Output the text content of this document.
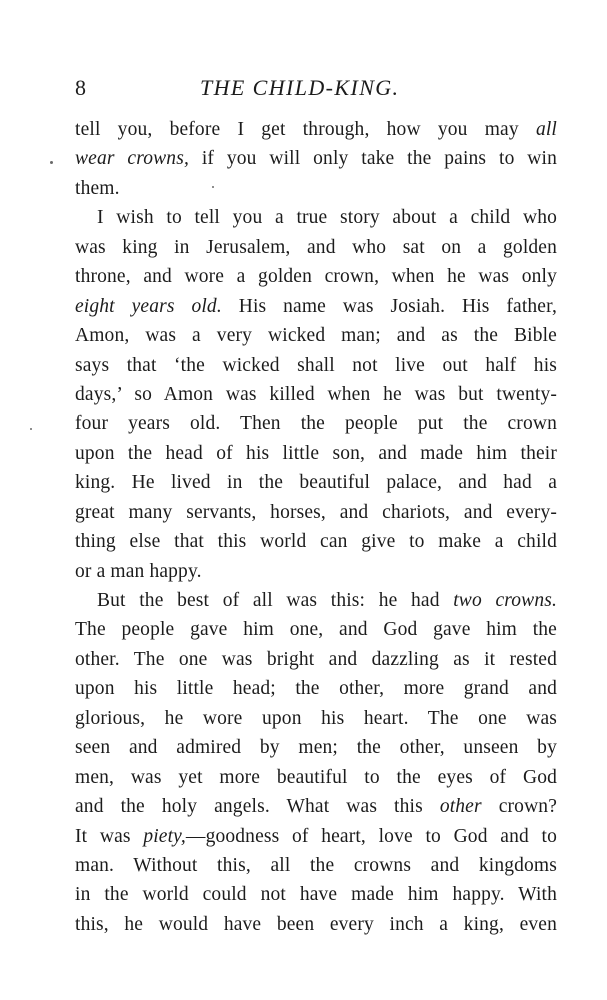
8	THE CHILD-KING.
tell you, before I get through, how you may all
wear crowns, if you will only take the pains to win
them.
I wish to tell you a true story about a child who
was king in Jerusalem, and who sat on a golden
throne, and wore a golden crown, when he was only
eight years old. His name was Josiah. His father,
Amon, was a very wicked man; and as the Bible
says that ‘the wicked shall not live out half his
days,’ so Amon was killed when he was but twenty-
four years old. Then the people put the crown
upon the head of his little son, and made him their
king. He lived in the beautiful palace, and had a
great many servants, horses, and chariots, and every-
thing else that this world can give to make a child
or a man happy.
But the best of all was this: he had two crowns.
The people gave him one, and God gave him the
other. The one was bright and dazzling as it rested
upon his little head; the other, more grand and
glorious, he wore upon his heart. The one was
seen and admired by men; the other, unseen by
men, was yet more beautiful to the eyes of God
and the holy angels. What was this other crown?
It was piety,—goodness of heart, love to God and to
man. Without this, all the crowns and kingdoms
in the world could not have made him happy. With
this, he would have been every inch a king, even
